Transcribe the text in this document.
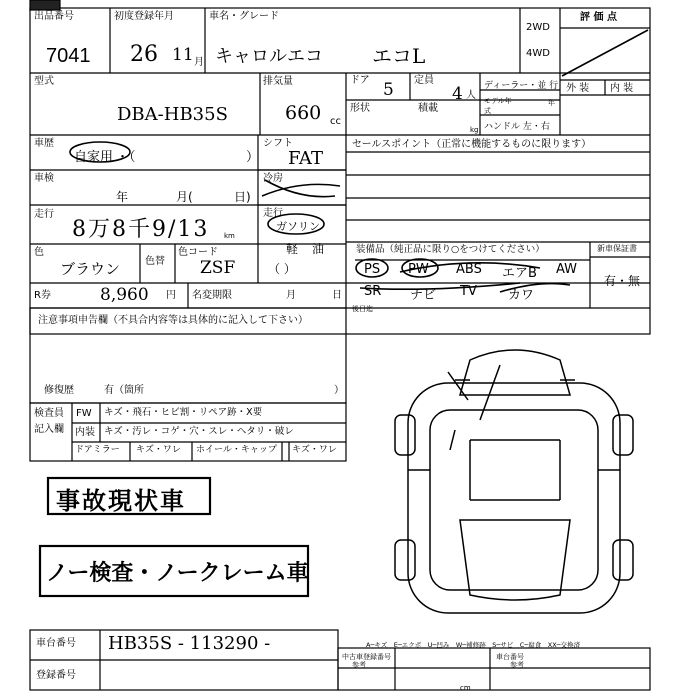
出品番号
7041
初度登録年月
26 11 月
車名・グレード
キャロルエコ エコL
2WD
4WD
評 価 点
型式
DBA-HB35S
排気量
660 cc
ドア 5 定員
4 人
形状	積載
kg
ディーラー・並 行
モデル年式
年
ハンドル 左・右
外 装 内 装
車歴
自家用 ・（	）
シフト
FAT
セールスポイント（正常に機能するものに限ります）
車検
年	月(	日)
冷房
走行
8万8千9/13 km
走行
ガソリン
軽 油
（ ）
色
ブラウン 色替
色コード
ZSF
装備品（純正品に限り○をつけてください）	新車保証書
有・無
PS PW ABS エアB AW
SR ナビ TV カワ
後日迄
R券	8,960 円 名変期限	月	日
注意事項申告欄（不具合内容等は具体的に記入して下さい）
修復歴	有（箇所	）
検査員
記入欄
FW キズ・飛石・ヒビ割・リペア跡・X要
内装 キズ・汚レ・コゲ・穴・スレ・ヘタリ・破レ
ドアミラー キズ・ワレ ホイール・キャップ キズ・ワレ
事故現状車
ノー検査・ノークレーム車
車台番号 HB35S - 113290 -
登録番号
A─キズ　E─エクボ　U─凹み　W─補修跡　S─サビ　C─腐食　XX─交換済
中古車登録番号	車台番号
参考	参考
cm
